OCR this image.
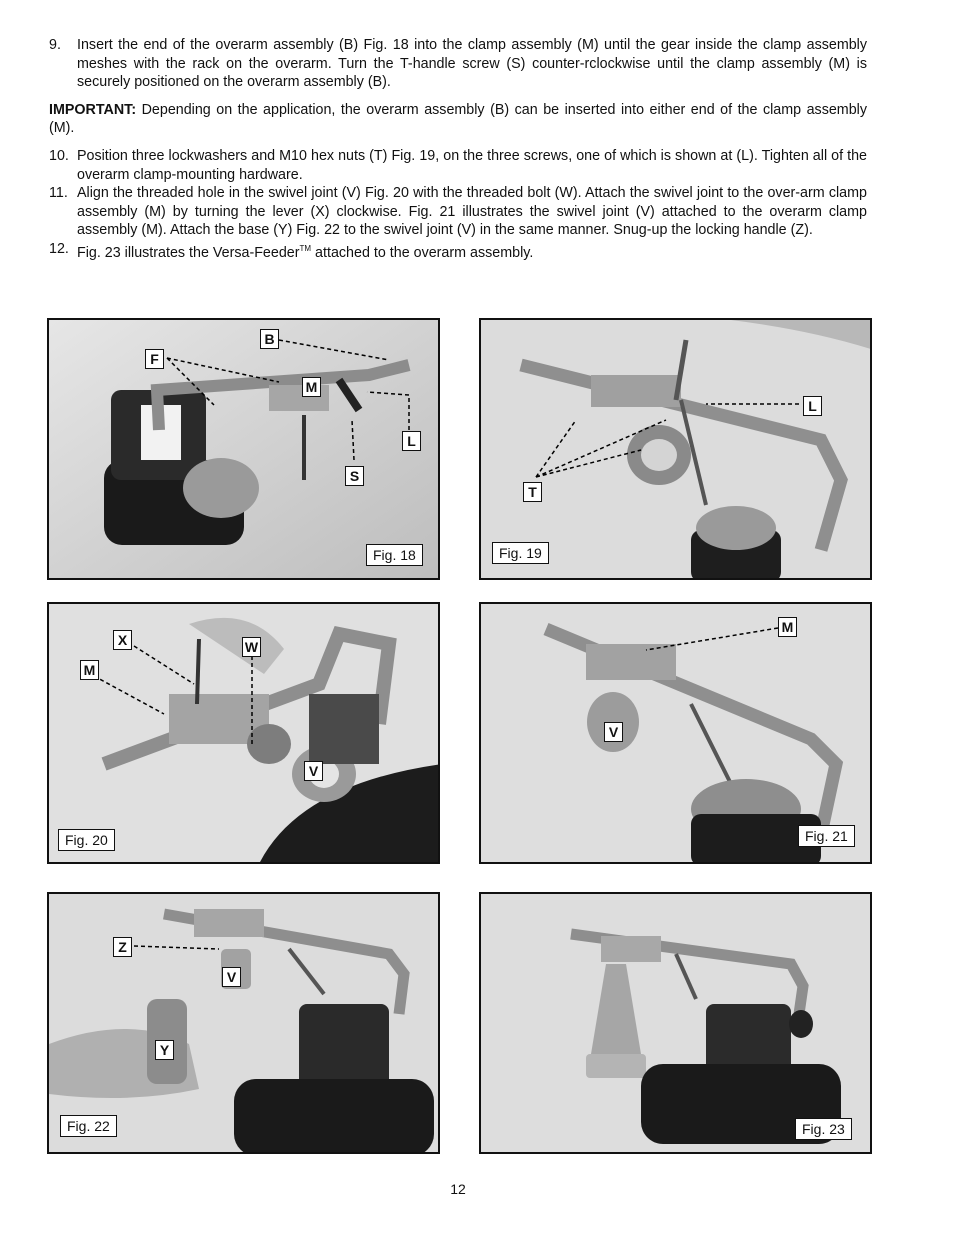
9.	Insert the end of the overarm assembly (B) Fig. 18 into the clamp assembly (M) until the gear inside the clamp assembly meshes with the rack on the overarm. Turn the T-handle screw (S) counter-rclockwise until the clamp assembly (M) is securely positioned on the overarm assembly (B).
IMPORTANT: Depending on the application, the overarm assembly (B) can be inserted into either end of the clamp assembly (M).
10. Position three lockwashers and M10 hex nuts (T) Fig. 19, on the three screws, one of which is shown at (L). Tighten all of the overarm clamp-mounting hardware.
11. Align the threaded hole in the swivel joint (V) Fig. 20 with the threaded bolt (W). Attach the swivel joint to the over-arm clamp assembly (M) by turning the lever (X) clockwise. Fig. 21 illustrates the swivel joint (V) attached to the overarm clamp assembly (M). Attach the base (Y) Fig. 22 to the swivel joint (V) in the same manner. Snug-up the locking handle (Z).
12. Fig. 23 illustrates the Versa-Feeder™ attached to the overarm assembly.
B
F
M
L
S
Fig. 18
L
T
Fig. 19
X	W
M
V
Fig. 20
M
V
Fig. 21
Z
V
Y
Fig. 22	Fig. 23
12
